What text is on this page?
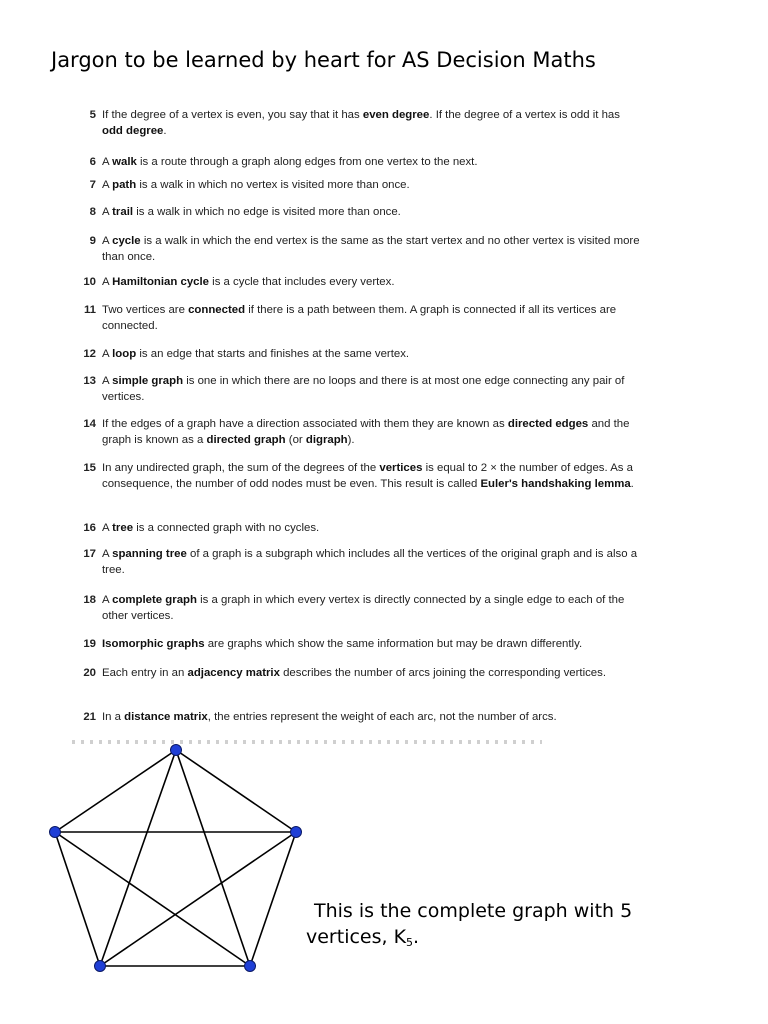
Jargon to be learned by heart for AS Decision Maths
5 If the degree of a vertex is even, you say that it has even degree. If the degree of a vertex is odd it has odd degree.
6 A walk is a route through a graph along edges from one vertex to the next.
7 A path is a walk in which no vertex is visited more than once.
8 A trail is a walk in which no edge is visited more than once.
9 A cycle is a walk in which the end vertex is the same as the start vertex and no other vertex is visited more than once.
10 A Hamiltonian cycle is a cycle that includes every vertex.
11 Two vertices are connected if there is a path between them. A graph is connected if all its vertices are connected.
12 A loop is an edge that starts and finishes at the same vertex.
13 A simple graph is one in which there are no loops and there is at most one edge connecting any pair of vertices.
14 If the edges of a graph have a direction associated with them they are known as directed edges and the graph is known as a directed graph (or digraph).
15 In any undirected graph, the sum of the degrees of the vertices is equal to 2 × the number of edges. As a consequence, the number of odd nodes must be even. This result is called Euler's handshaking lemma.
16 A tree is a connected graph with no cycles.
17 A spanning tree of a graph is a subgraph which includes all the vertices of the original graph and is also a tree.
18 A complete graph is a graph in which every vertex is directly connected by a single edge to each of the other vertices.
19 Isomorphic graphs are graphs which show the same information but may be drawn differently.
20 Each entry in an adjacency matrix describes the number of arcs joining the corresponding vertices.
21 In a distance matrix, the entries represent the weight of each arc, not the number of arcs.
This is the complete graph with 5
vertices, $K_5$.
